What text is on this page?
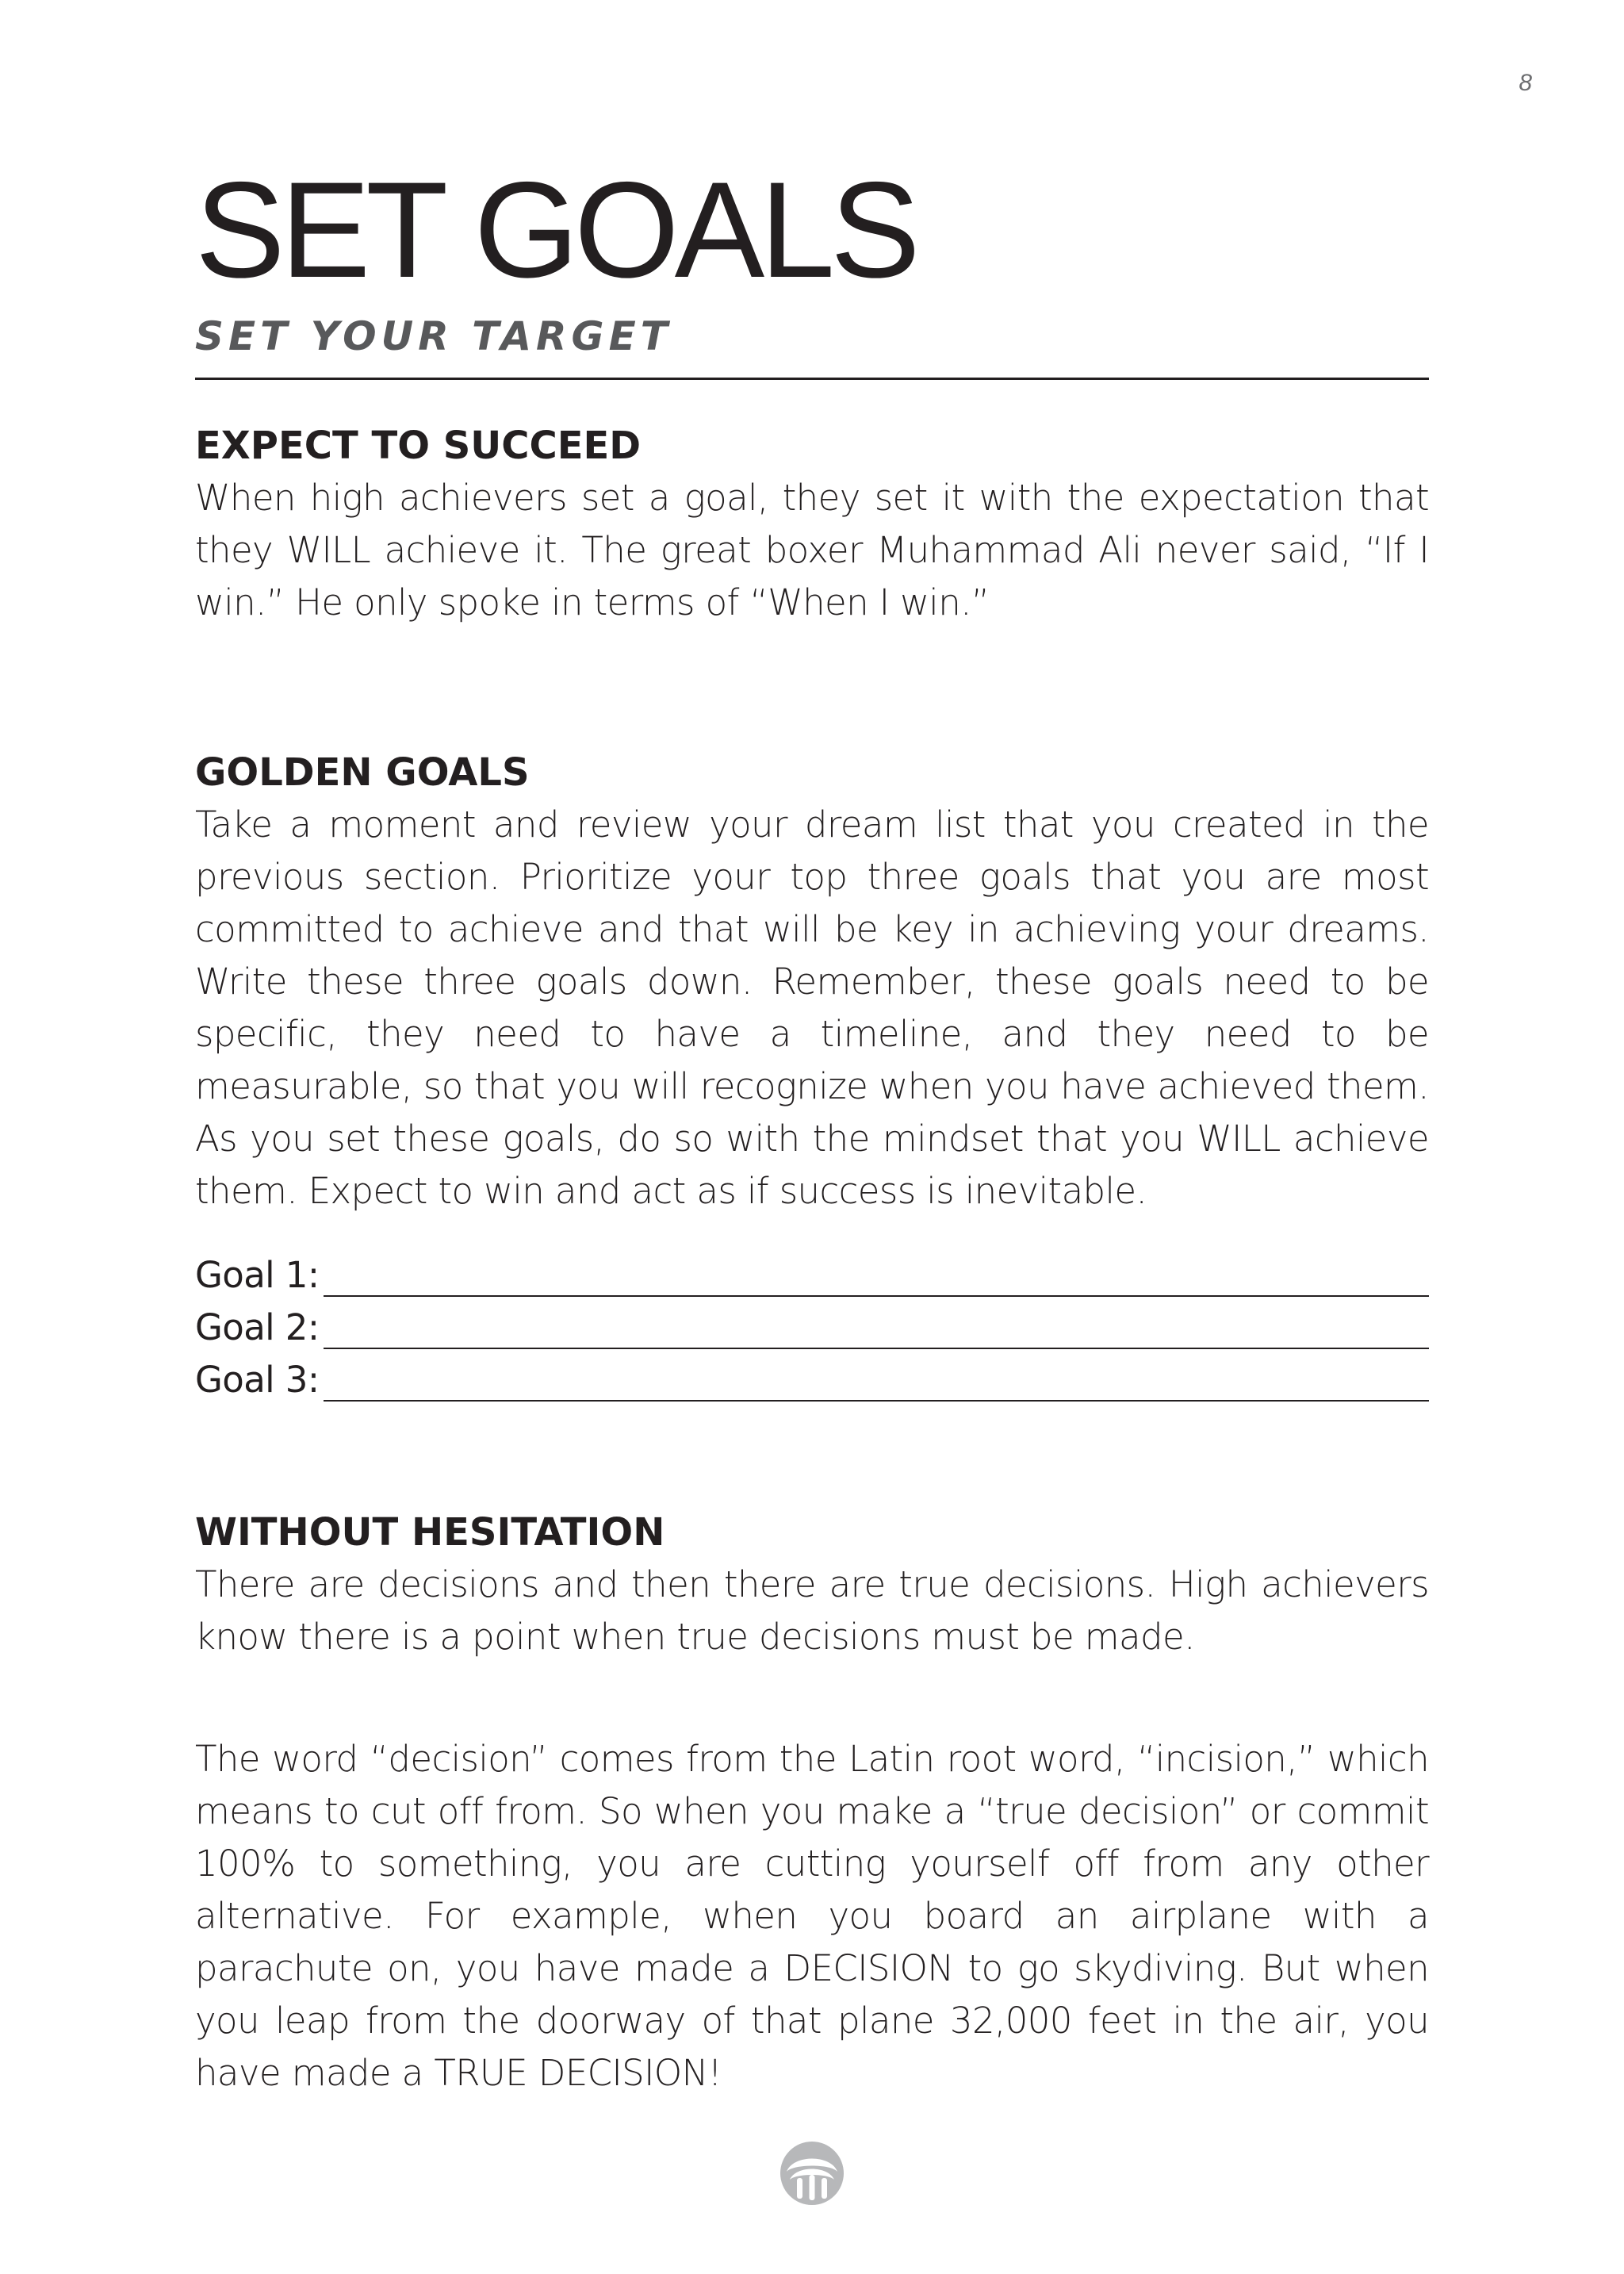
8
SET GOALS
SET YOUR TARGET
EXPECT TO SUCCEED

When high achievers set a goal, they set it with the expectation that they WILL achieve it. The great boxer Muhammad Ali never said, “If I win.” He only spoke in terms of “When I win.”

GOLDEN GOALS

Take a moment and review your dream list that you created in the previous section. Prioritize your top three goals that you are most committed to achieve and that will be key in achieving your dreams. Write these three goals down. Remember, these goals need to be specific, they need to have a timeline, and they need to be measurable, so that you will recognize when you have achieved them. As you set these goals, do so with the mindset that you WILL achieve them. Expect to win and act as if success is inevitable.

Goal 1:
Goal 2:
Goal 3:
WITHOUT HESITATION

There are decisions and then there are true decisions. High achievers know there is a point when true decisions must be made.

The word “decision” comes from the Latin root word, “incision,” which means to cut off from. So when you make a “true decision” or commit 100% to something, you are cutting yourself off from any other alternative. For example, when you board an airplane with a parachute on, you have made a DECISION to go skydiving. But when you leap from the doorway of that plane 32,000 feet in the air, you have made a TRUE DECISION!
